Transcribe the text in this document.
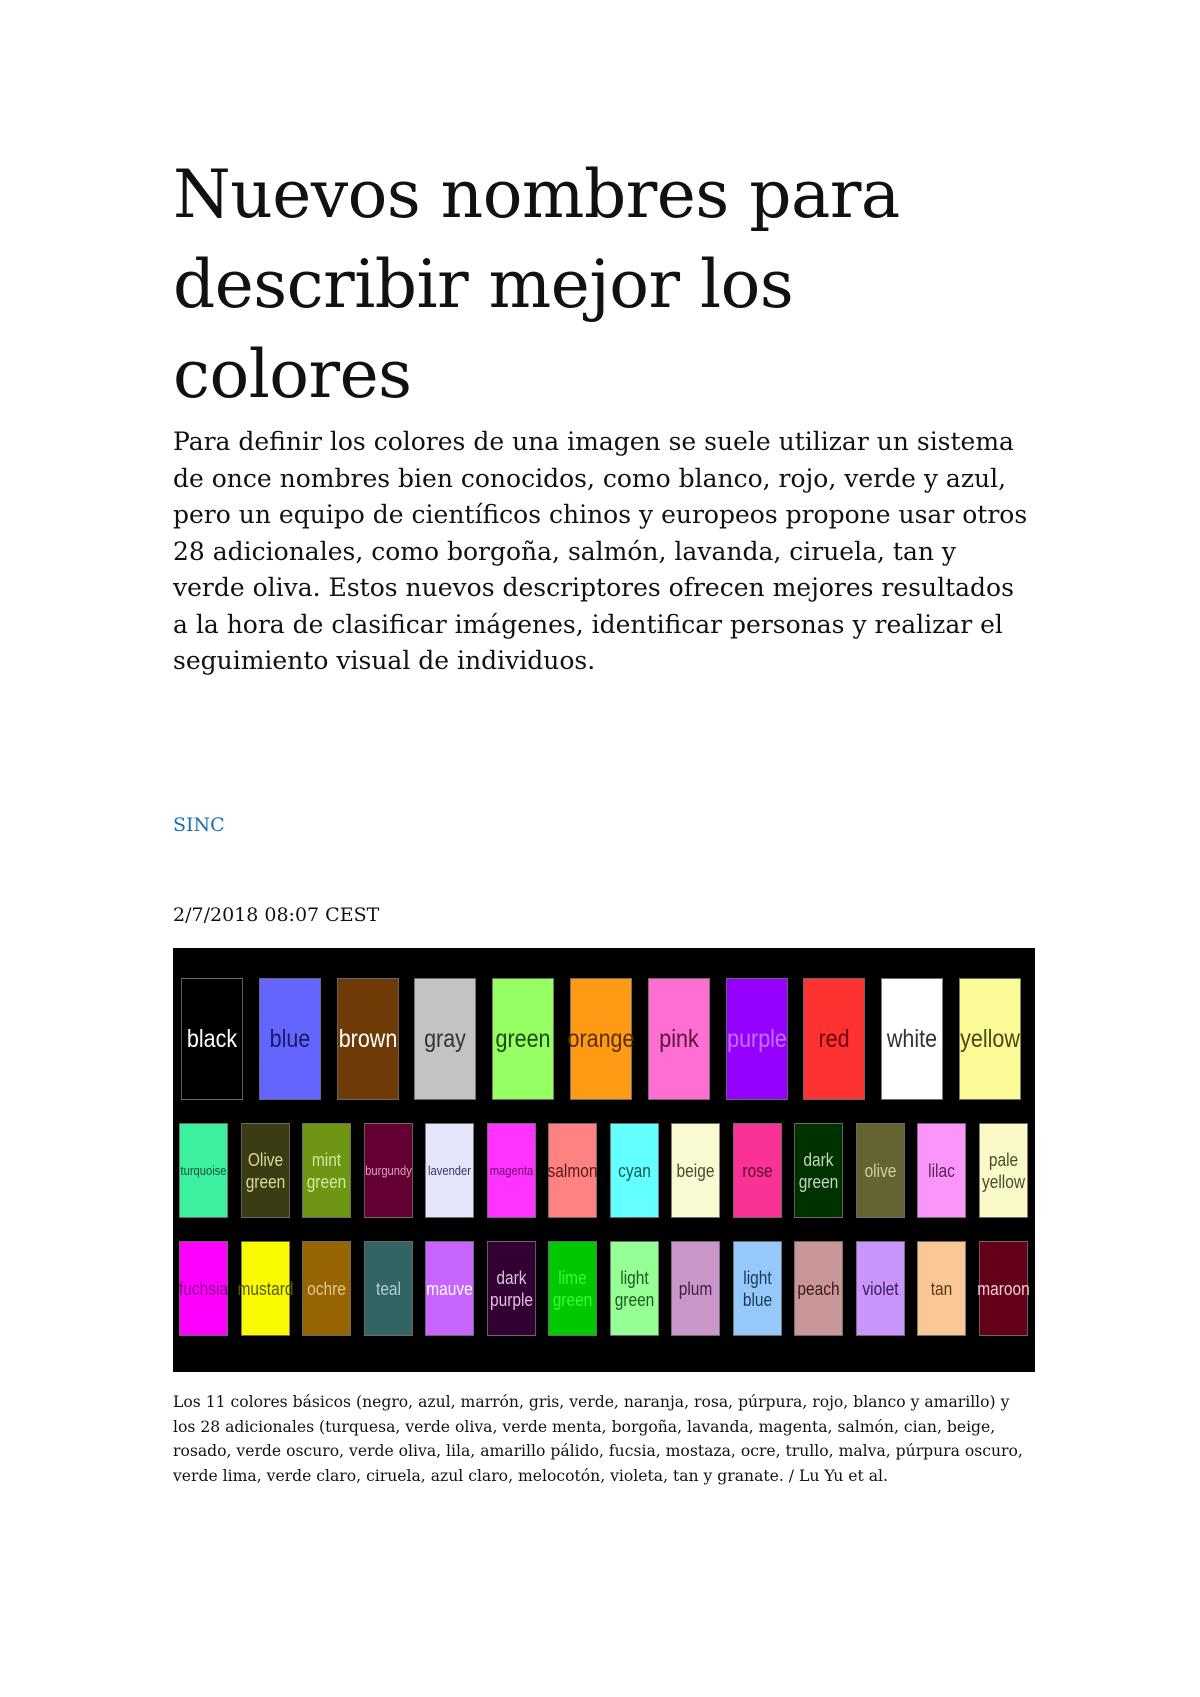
Nuevos nombres para describir mejor los colores

Para definir los colores de una imagen se suele utilizar un sistema de once nombres bien conocidos, como blanco, rojo, verde y azul, pero un equipo de científicos chinos y europeos propone usar otros 28 adicionales, como borgoña, salmón, lavanda, ciruela, tan y verde oliva. Estos nuevos descriptores ofrecen mejores resultados a la hora de clasificar imágenes, identificar personas y realizar el seguimiento visual de individuos.

SINC
2/7/2018 08:07 CEST
black blue brown gray green orange pink purple red white yellow
turquoise
Olive
green
mint
green
burgundy lavender magenta salmon cyan beige rose
dark
green
olive lilac
pale
yellow
fuchsia mustard ochre teal mauve
dark
purple
lime
green
light
green
plum
light
blue
peach violet tan maroon

Los 11 colores básicos (negro, azul, marrón, gris, verde, naranja, rosa, púrpura, rojo, blanco y amarillo) y los 28 adicionales (turquesa, verde oliva, verde menta, borgoña, lavanda, magenta, salmón, cian, beige, rosado, verde oscuro, verde oliva, lila, amarillo pálido, fucsia, mostaza, ocre, trullo, malva, púrpura oscuro, verde lima, verde claro, ciruela, azul claro, melocotón, violeta, tan y granate. / Lu Yu et al.
